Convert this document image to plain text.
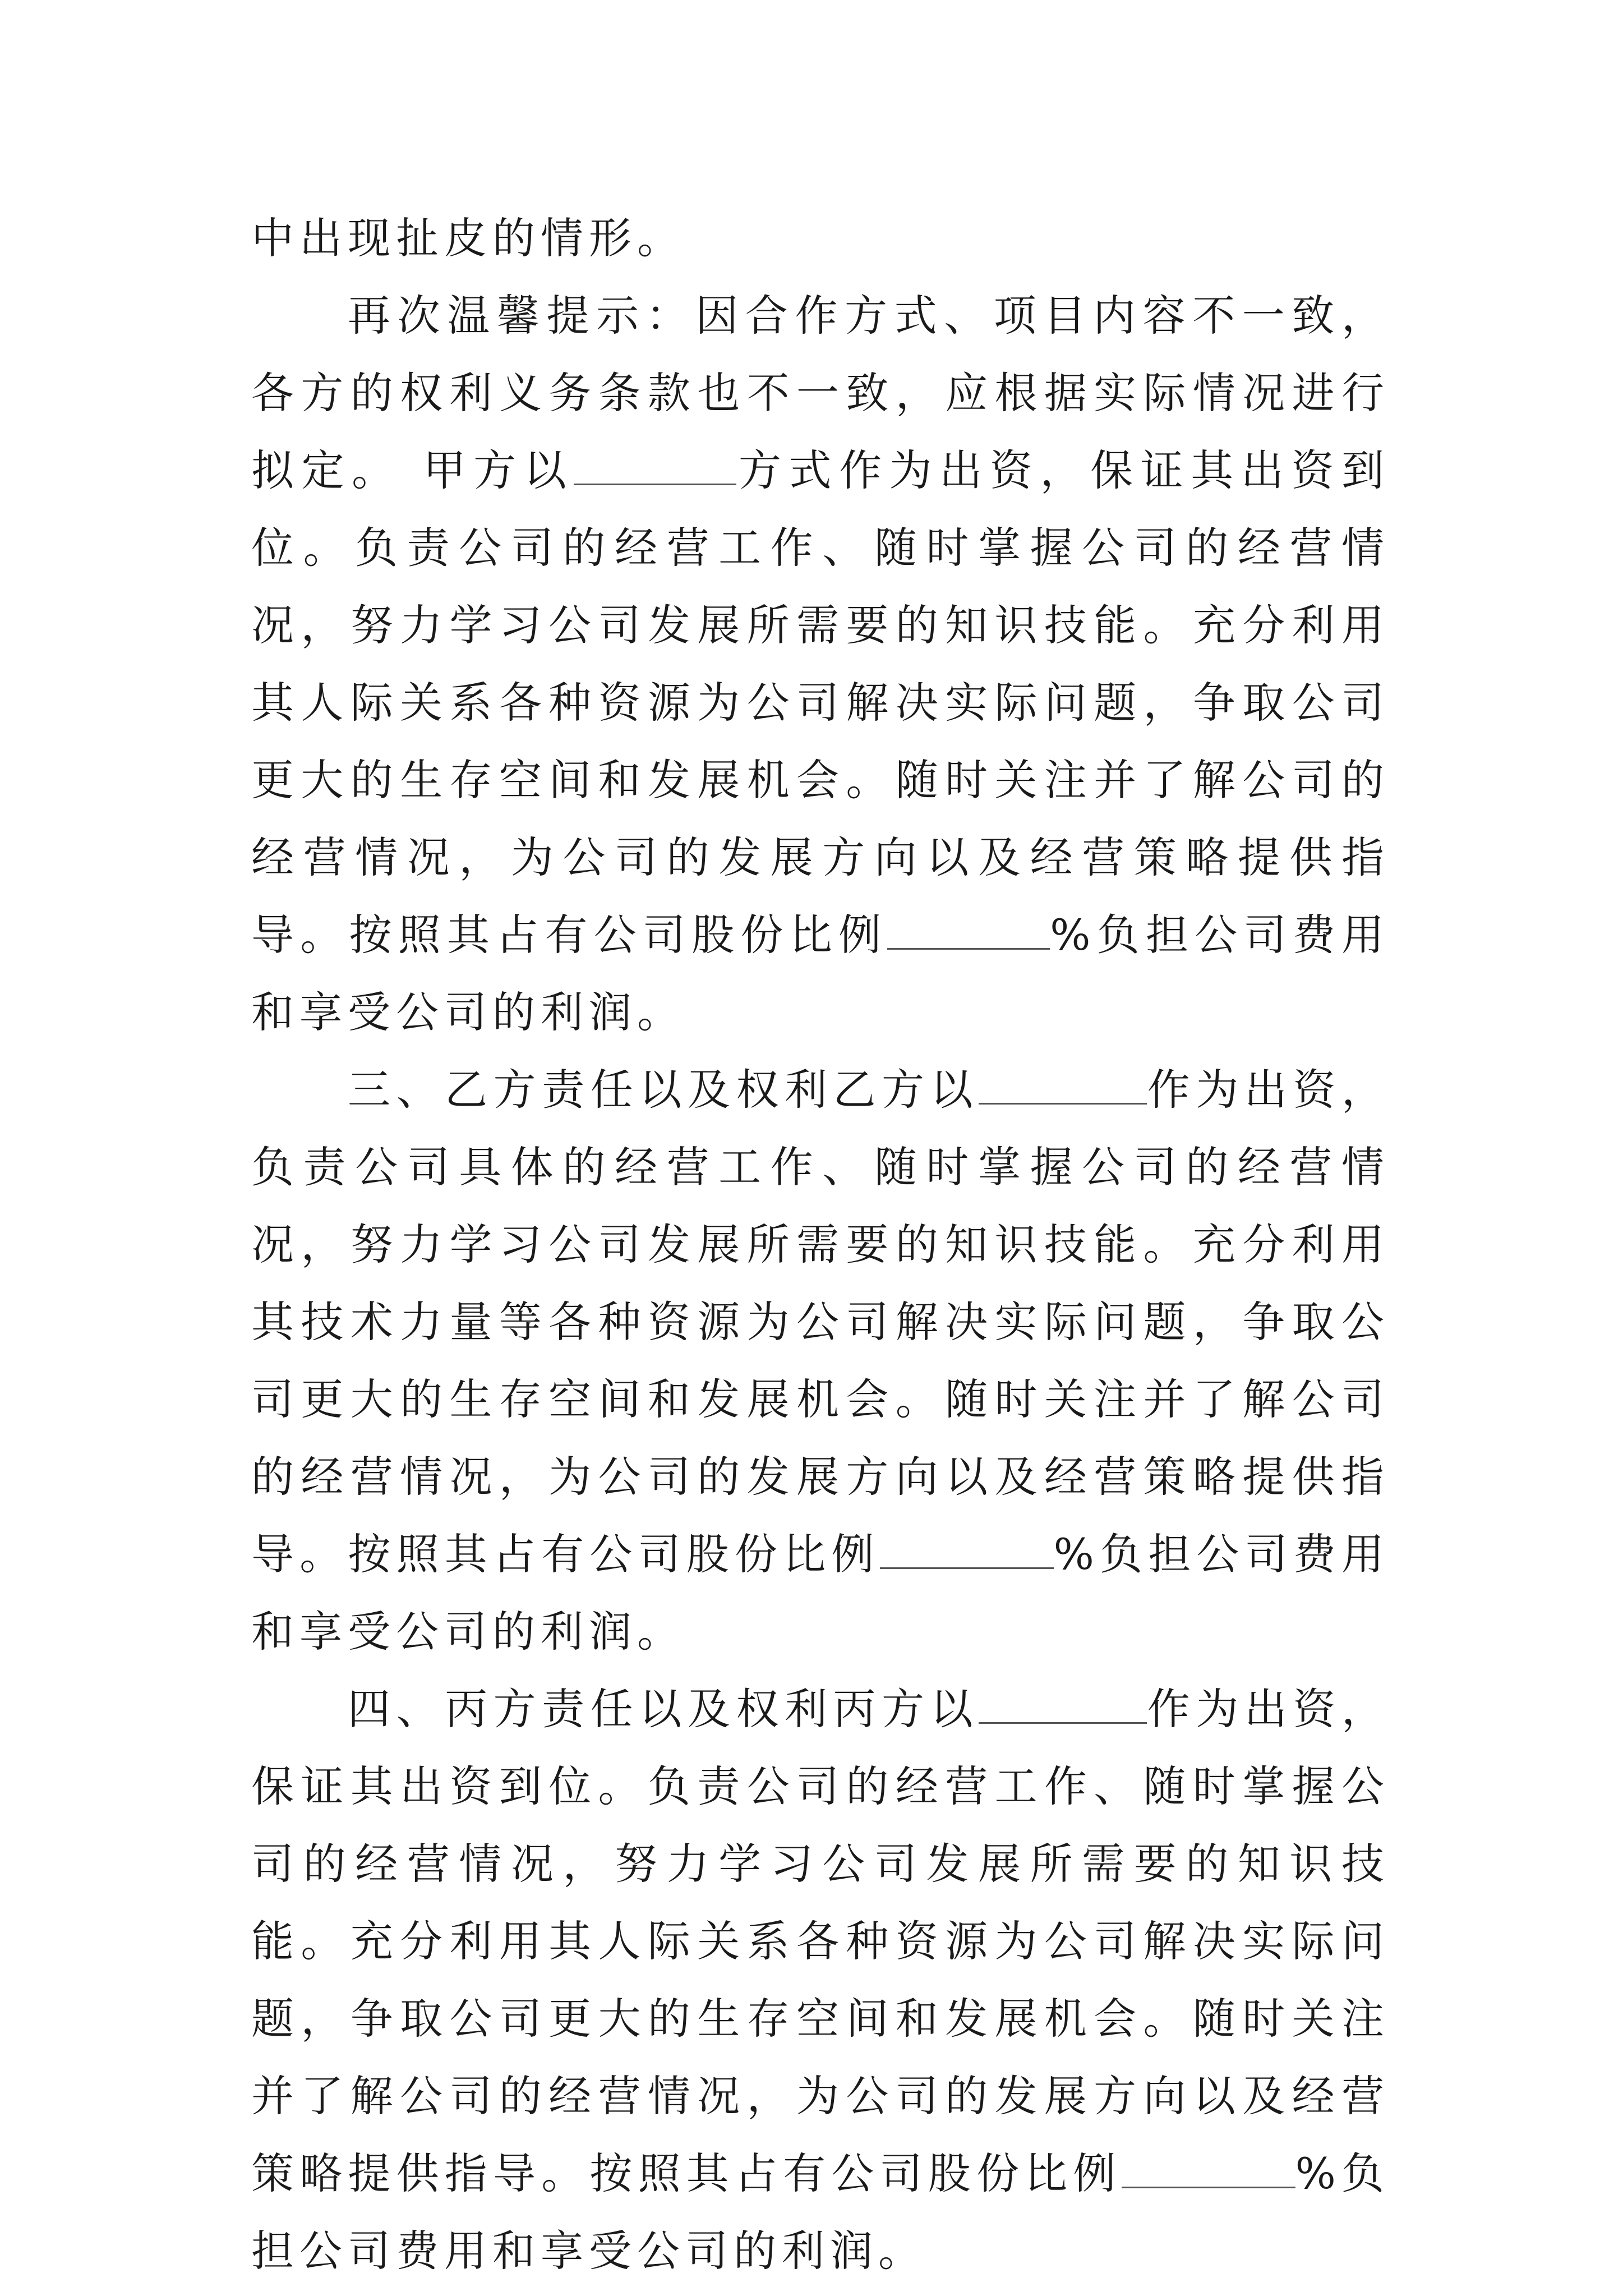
中出现扯皮的情形。

再次温馨提示：因合作方式、项目内容不一致，各方的权利义务条款也不一致，应根据实际情况进行拟定。 甲方以	方式作为出资，保证其出资到位。负责公司的经营工作、随时掌握公司的经营情况，努力学习公司发展所需要的知识技能。充分利用其人际关系各种资源为公司解决实际问题，争取公司更大的生存空间和发展机会。随时关注并了解公司的经营情况，为公司的发展方向以及经营策略提供指导。按照其占有公司股份比例	%负担公司费用和享受公司的利润。

三、乙方责任以及权利乙方以	作为出资，负责公司具体的经营工作、随时掌握公司的经营情况，努力学习公司发展所需要的知识技能。充分利用其技术力量等各种资源为公司解决实际问题，争取公司更大的生存空间和发展机会。随时关注并了解公司的经营情况，为公司的发展方向以及经营策略提供指导。按照其占有公司股份比例	%负担公司费用和享受公司的利润。

四、丙方责任以及权利丙方以	作为出资，保证其出资到位。负责公司的经营工作、随时掌握公司的经营情况，努力学习公司发展所需要的知识技能。充分利用其人际关系各种资源为公司解决实际问题，争取公司更大的生存空间和发展机会。随时关注并了解公司的经营情况，为公司的发展方向以及经营策略提供指导。按照其占有公司股份比例	%负担公司费用和享受公司的利润。
